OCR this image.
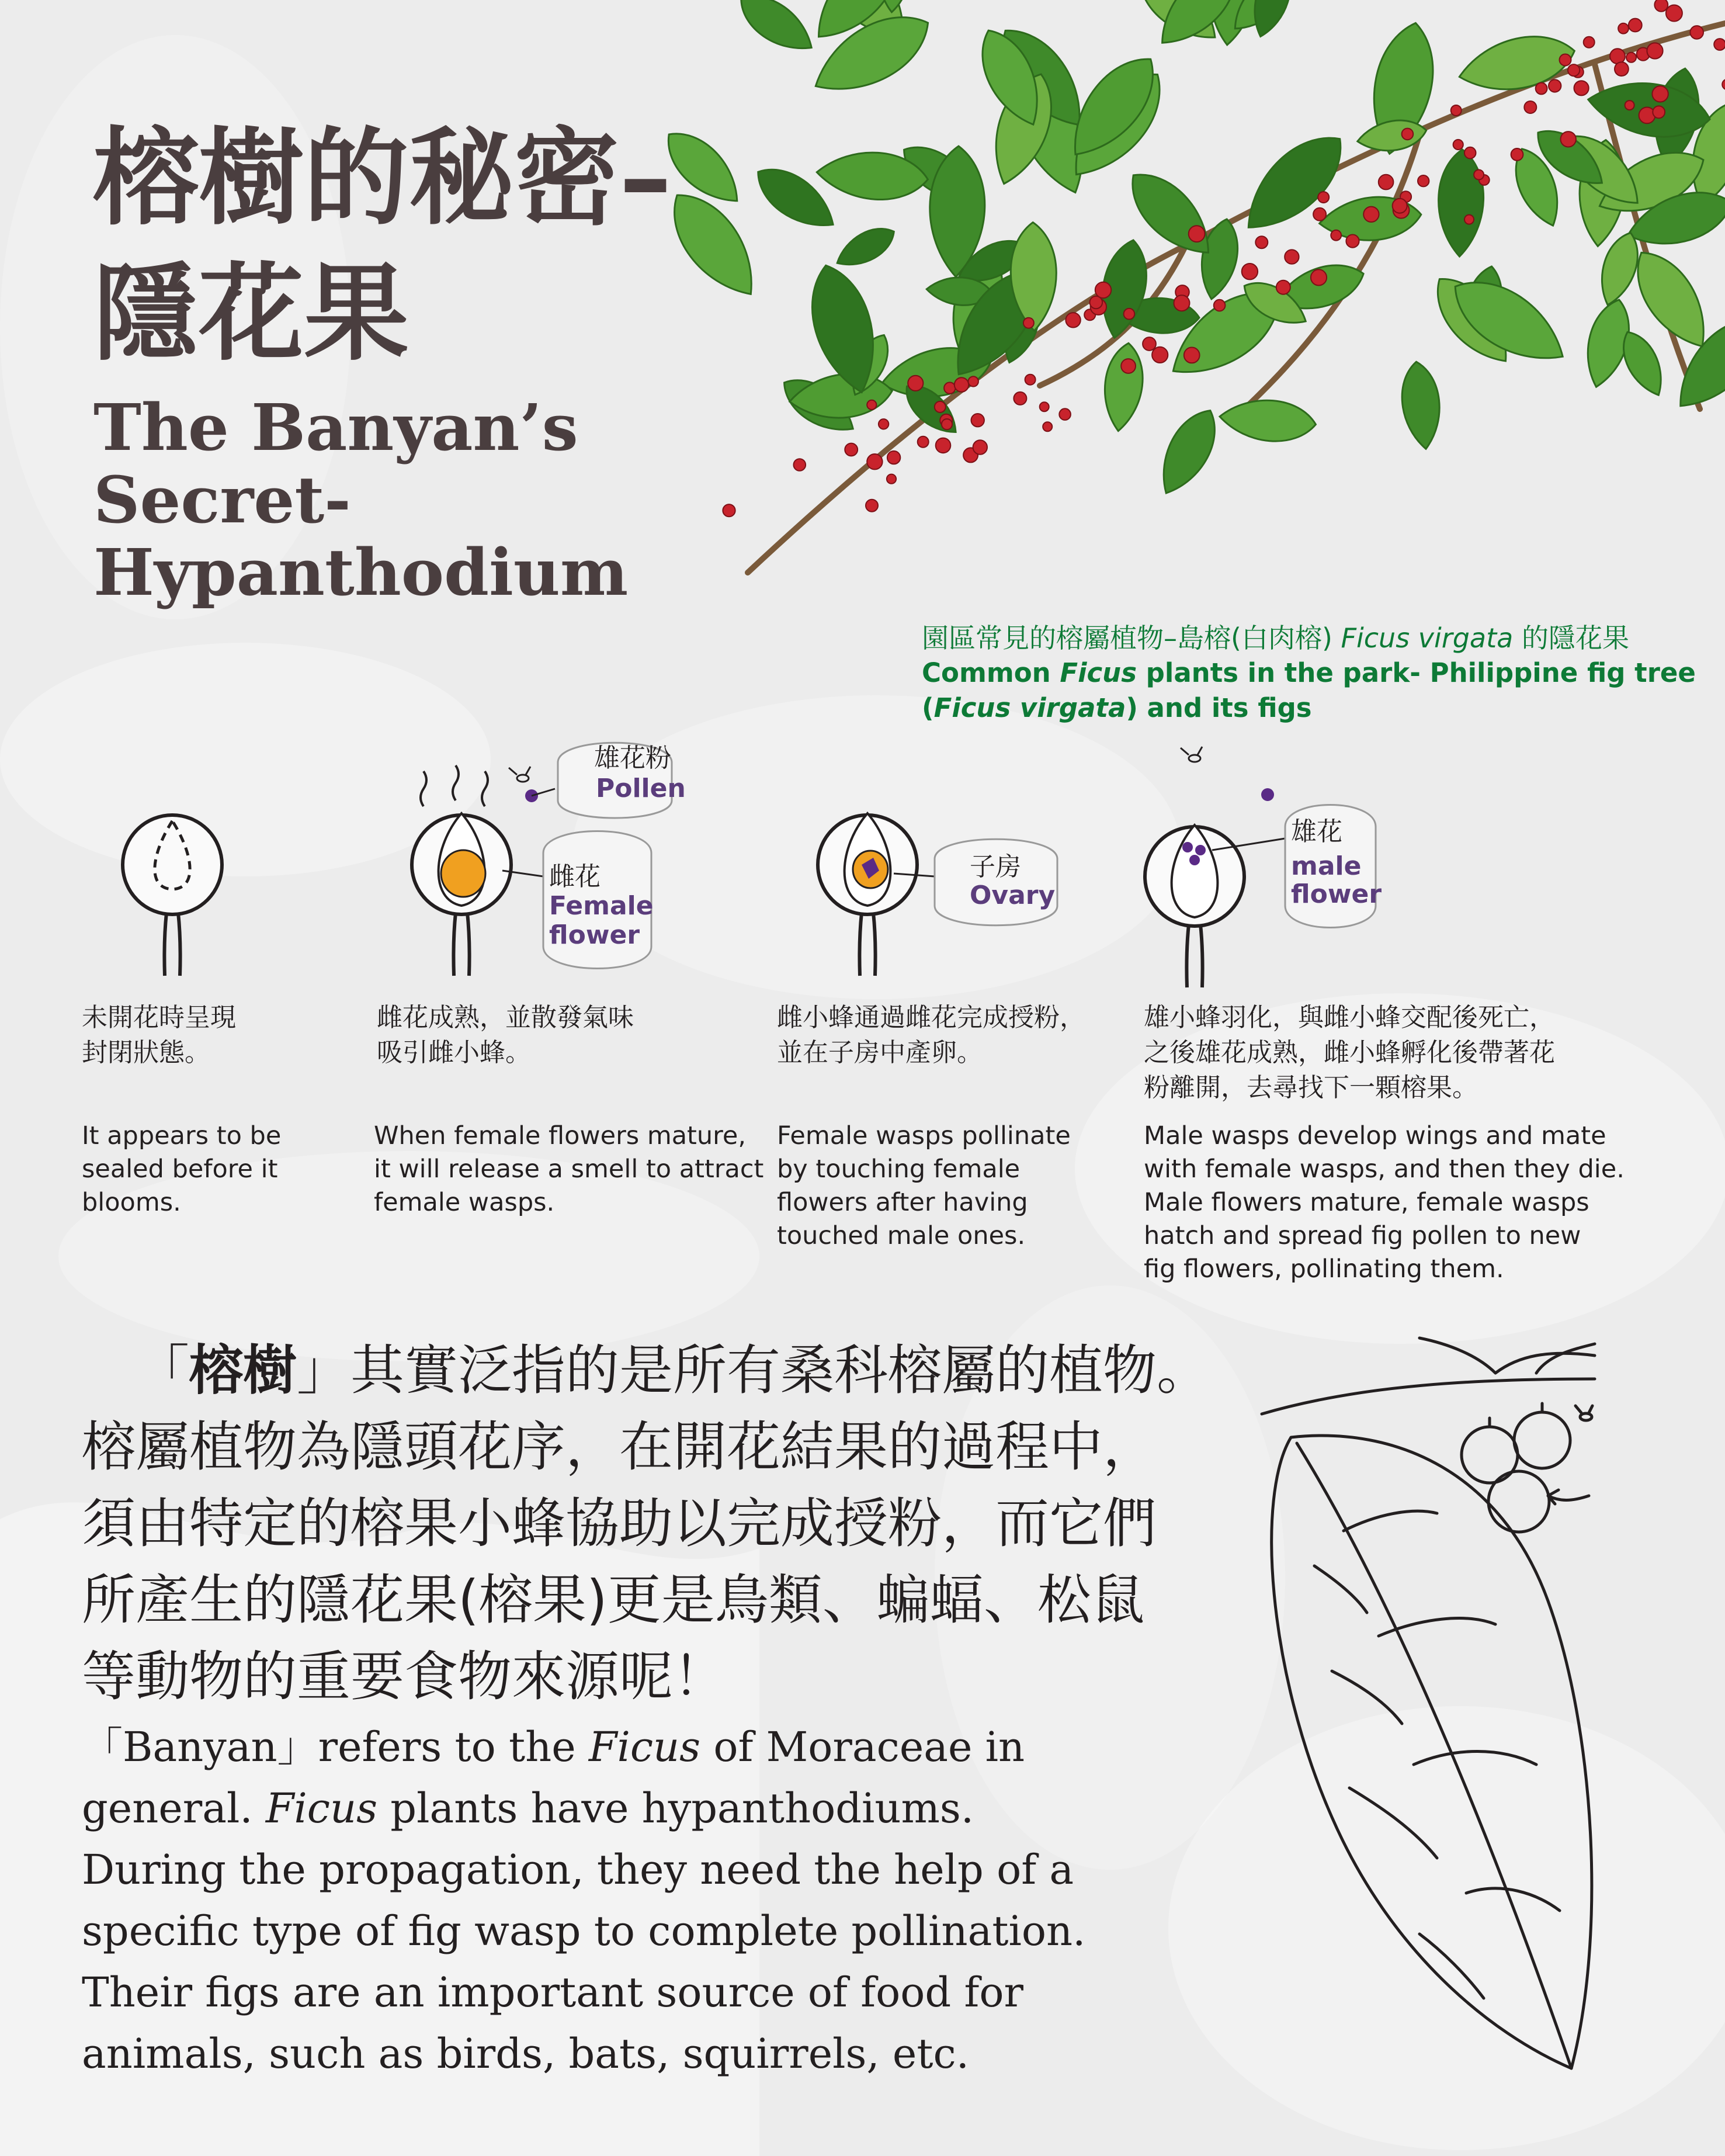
榕樹的秘密–
隱花果
The Banyan’s
Secret-
Hypanthodium
園區常見的榕屬植物–島榕(白肉榕) Ficus virgata 的隱花果
Common Ficus plants in the park- Philippine fig tree
(Ficus virgata) and its figs
雄花粉
Pollen
雌花
Female
flower
子房
Ovary
雄花
male
flower
未開花時呈現
封閉狀態。
It appears to be
sealed before it
blooms.
雌花成熟，並散發氣味
吸引雌小蜂。
When female flowers mature,
it will release a smell to attract
female wasps.
雌小蜂通過雌花完成授粉，
並在子房中產卵。
Female wasps pollinate
by touching female
flowers after having
touched male ones.
雄小蜂羽化，與雌小蜂交配後死亡，
之後雄花成熟，雌小蜂孵化後帶著花
粉離開，去尋找下一顆榕果。
Male wasps develop wings and mate
with female wasps, and then they die.
Male flowers mature, female wasps
hatch and spread fig pollen to new
fig flowers, pollinating them.
「榕樹」其實泛指的是所有桑科榕屬的植物。
榕屬植物為隱頭花序，在開花結果的過程中，
須由特定的榕果小蜂協助以完成授粉，而它們
所產生的隱花果(榕果)更是鳥類、蝙蝠、松鼠
等動物的重要食物來源呢！
「Banyan」refers to the Ficus of Moraceae in
general. Ficus plants have hypanthodiums.
During the propagation, they need the help of a
specific type of fig wasp to complete pollination.
Their figs are an important source of food for
animals, such as birds, bats, squirrels, etc.
